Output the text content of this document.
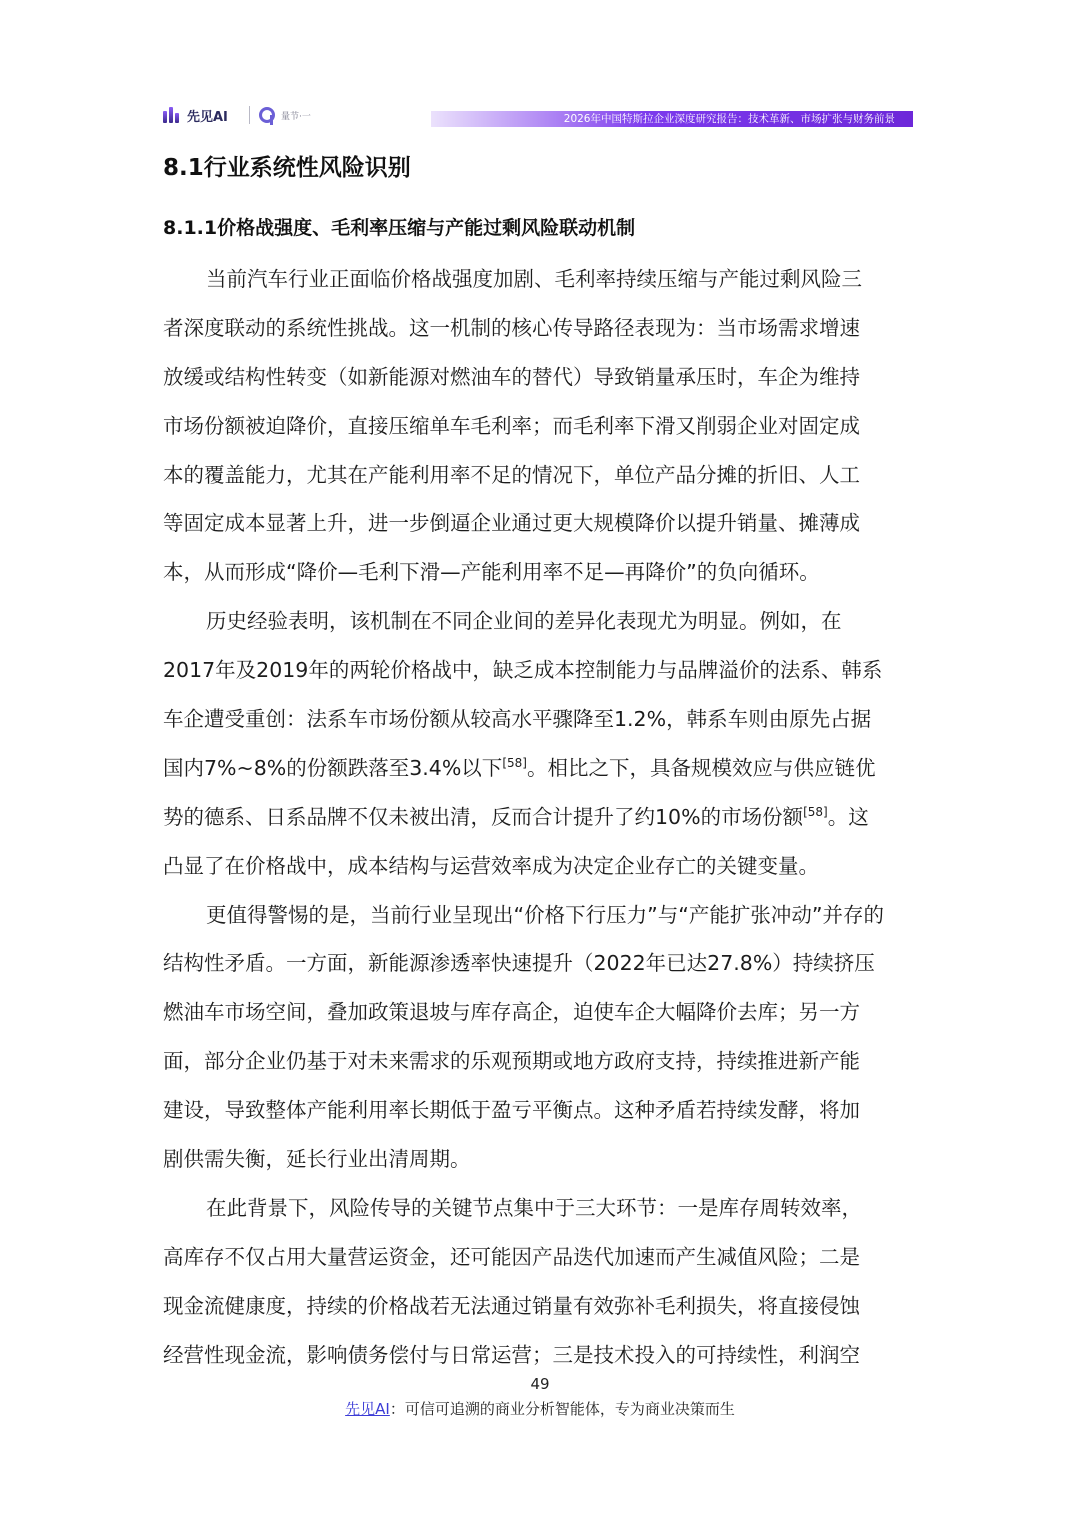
先见AI	量节·一	2026年中国特斯拉企业深度研究报告：技术革新、市场扩张与财务前景
8.1行业系统性风险识别
8.1.1价格战强度、毛利率压缩与产能过剩风险联动机制
当前汽车行业正面临价格战强度加剧、毛利率持续压缩与产能过剩风险三
者深度联动的系统性挑战。这一机制的核心传导路径表现为：当市场需求增速
放缓或结构性转变（如新能源对燃油车的替代）导致销量承压时，车企为维持
市场份额被迫降价，直接压缩单车毛利率；而毛利率下滑又削弱企业对固定成
本的覆盖能力，尤其在产能利用率不足的情况下，单位产品分摊的折旧、人工
等固定成本显著上升，进一步倒逼企业通过更大规模降价以提升销量、摊薄成
本，从而形成“降价—毛利下滑—产能利用率不足—再降价”的负向循环。
历史经验表明，该机制在不同企业间的差异化表现尤为明显。例如，在
2017年及2019年的两轮价格战中，缺乏成本控制能力与品牌溢价的法系、韩系
车企遭受重创：法系车市场份额从较高水平骤降至1.2%，韩系车则由原先占据
国内7%~8%的份额跌落至3.4%以下[58]。相比之下，具备规模效应与供应链优
势的德系、日系品牌不仅未被出清，反而合计提升了约10%的市场份额[58]。这
凸显了在价格战中，成本结构与运营效率成为决定企业存亡的关键变量。
更值得警惕的是，当前行业呈现出“价格下行压力”与“产能扩张冲动”并存的
结构性矛盾。一方面，新能源渗透率快速提升（2022年已达27.8%）持续挤压
燃油车市场空间，叠加政策退坡与库存高企，迫使车企大幅降价去库；另一方
面，部分企业仍基于对未来需求的乐观预期或地方政府支持，持续推进新产能
建设，导致整体产能利用率长期低于盈亏平衡点。这种矛盾若持续发酵，将加
剧供需失衡，延长行业出清周期。
在此背景下，风险传导的关键节点集中于三大环节：一是库存周转效率，
高库存不仅占用大量营运资金，还可能因产品迭代加速而产生减值风险；二是
现金流健康度，持续的价格战若无法通过销量有效弥补毛利损失，将直接侵蚀
经营性现金流，影响债务偿付与日常运营；三是技术投入的可持续性，利润空
49
先见AI：可信可追溯的商业分析智能体，专为商业决策而生
